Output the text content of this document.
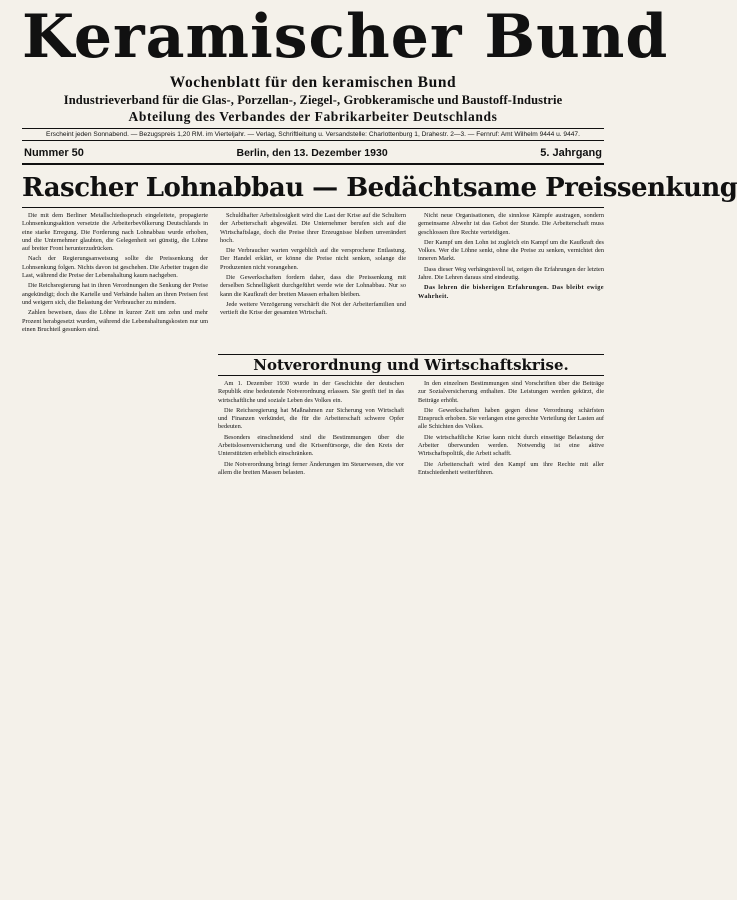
Keramischer Bund
Wochenblatt für den keramischen Bund
Industrieverband für die Glas-, Porzellan-, Ziegel-, Grobkeramische und Baustoff-Industrie
Abteilung des Verbandes der Fabrikarbeiter Deutschlands
Erscheint jeden Sonnabend. — Bezugspreis 1,20 RM. im Vierteljahr. — Verlag, Schriftleitung u. Versandstelle: Charlottenburg 1, Drahestr. 2—3. — Fernruf: Amt Wilhelm 9444 u. 9447.
Nummer 50	Berlin, den 13. Dezember 1930	5. Jahrgang
Rascher Lohnabbau — Bedächtsame Preissenkung

Die mit dem Berliner Metallschiedsspruch eingeleitete, propagierte Lohnsenkungsaktion versetzte die Arbeiterbevölkerung Deutschlands in eine starke Erregung. Die Forderung nach Lohnabbau wurde erhoben, und die Unternehmer glaubten, die Gelegenheit sei günstig, die Löhne auf breiter Front herunterzudrücken.

Nach der Regierungsanweisung sollte die Preissenkung der Lohnsenkung folgen. Nichts davon ist geschehen. Die Arbeiter tragen die Last, während die Preise der Lebenshaltung kaum nachgeben.

Die Reichsregierung hat in ihren Verordnungen die Senkung der Preise angekündigt; doch die Kartelle und Verbände halten an ihren Preisen fest und weigern sich, die Belastung der Verbraucher zu mindern.

Zahlen beweisen, dass die Löhne in kurzer Zeit um zehn und mehr Prozent herabgesetzt wurden, während die Lebenshaltungskosten nur um einen Bruchteil gesunken sind.

Schuldhafter Arbeitslosigkeit wird die Last der Krise auf die Schultern der Arbeiterschaft abgewälzt. Die Unternehmer berufen sich auf die Wirtschaftslage, doch die Preise ihrer Erzeugnisse bleiben unverändert hoch.

Die Verbraucher warten vergeblich auf die versprochene Entlastung. Der Handel erklärt, er könne die Preise nicht senken, solange die Produzenten nicht vorangehen.

Die Gewerkschaften fordern daher, dass die Preissenkung mit derselben Schnelligkeit durchgeführt werde wie der Lohnabbau. Nur so kann die Kaufkraft der breiten Massen erhalten bleiben.

Jede weitere Verzögerung verschärft die Not der Arbeiterfamilien und vertieft die Krise der gesamten Wirtschaft.

Nicht neue Organisationen, die sinnlose Kämpfe austragen, sondern gemeinsame Abwehr ist das Gebot der Stunde. Die Arbeiterschaft muss geschlossen ihre Rechte verteidigen.

Der Kampf um den Lohn ist zugleich ein Kampf um die Kaufkraft des Volkes. Wer die Löhne senkt, ohne die Preise zu senken, vernichtet den inneren Markt.

Dass dieser Weg verhängnisvoll ist, zeigen die Erfahrungen der letzten Jahre. Die Lehren daraus sind eindeutig.

Das lehren die bisherigen Erfahrungen. Das bleibt ewige Wahrheit.

Notverordnung und Wirtschaftskrise.

Am 1. Dezember 1930 wurde in der Geschichte der deutschen Republik eine bedeutende Notverordnung erlassen. Sie greift tief in das wirtschaftliche und soziale Leben des Volkes ein.

Die Reichsregierung hat Maßnahmen zur Sicherung von Wirtschaft und Finanzen verkündet, die für die Arbeiterschaft schwere Opfer bedeuten.

Besonders einschneidend sind die Bestimmungen über die Arbeitslosenversicherung und die Krisenfürsorge, die den Kreis der Unterstützten erheblich einschränken.

Die Notverordnung bringt ferner Änderungen im Steuerwesen, die vor allem die breiten Massen belasten.

In den einzelnen Bestimmungen sind Vorschriften über die Beiträge zur Sozialversicherung enthalten. Die Leistungen werden gekürzt, die Beiträge erhöht.

Die Gewerkschaften haben gegen diese Verordnung schärfsten Einspruch erhoben. Sie verlangen eine gerechte Verteilung der Lasten auf alle Schichten des Volkes.

Die wirtschaftliche Krise kann nicht durch einseitige Belastung der Arbeiter überwunden werden. Notwendig ist eine aktive Wirtschaftspolitik, die Arbeit schafft.

Die Arbeiterschaft wird den Kampf um ihre Rechte mit aller Entschiedenheit weiterführen.
